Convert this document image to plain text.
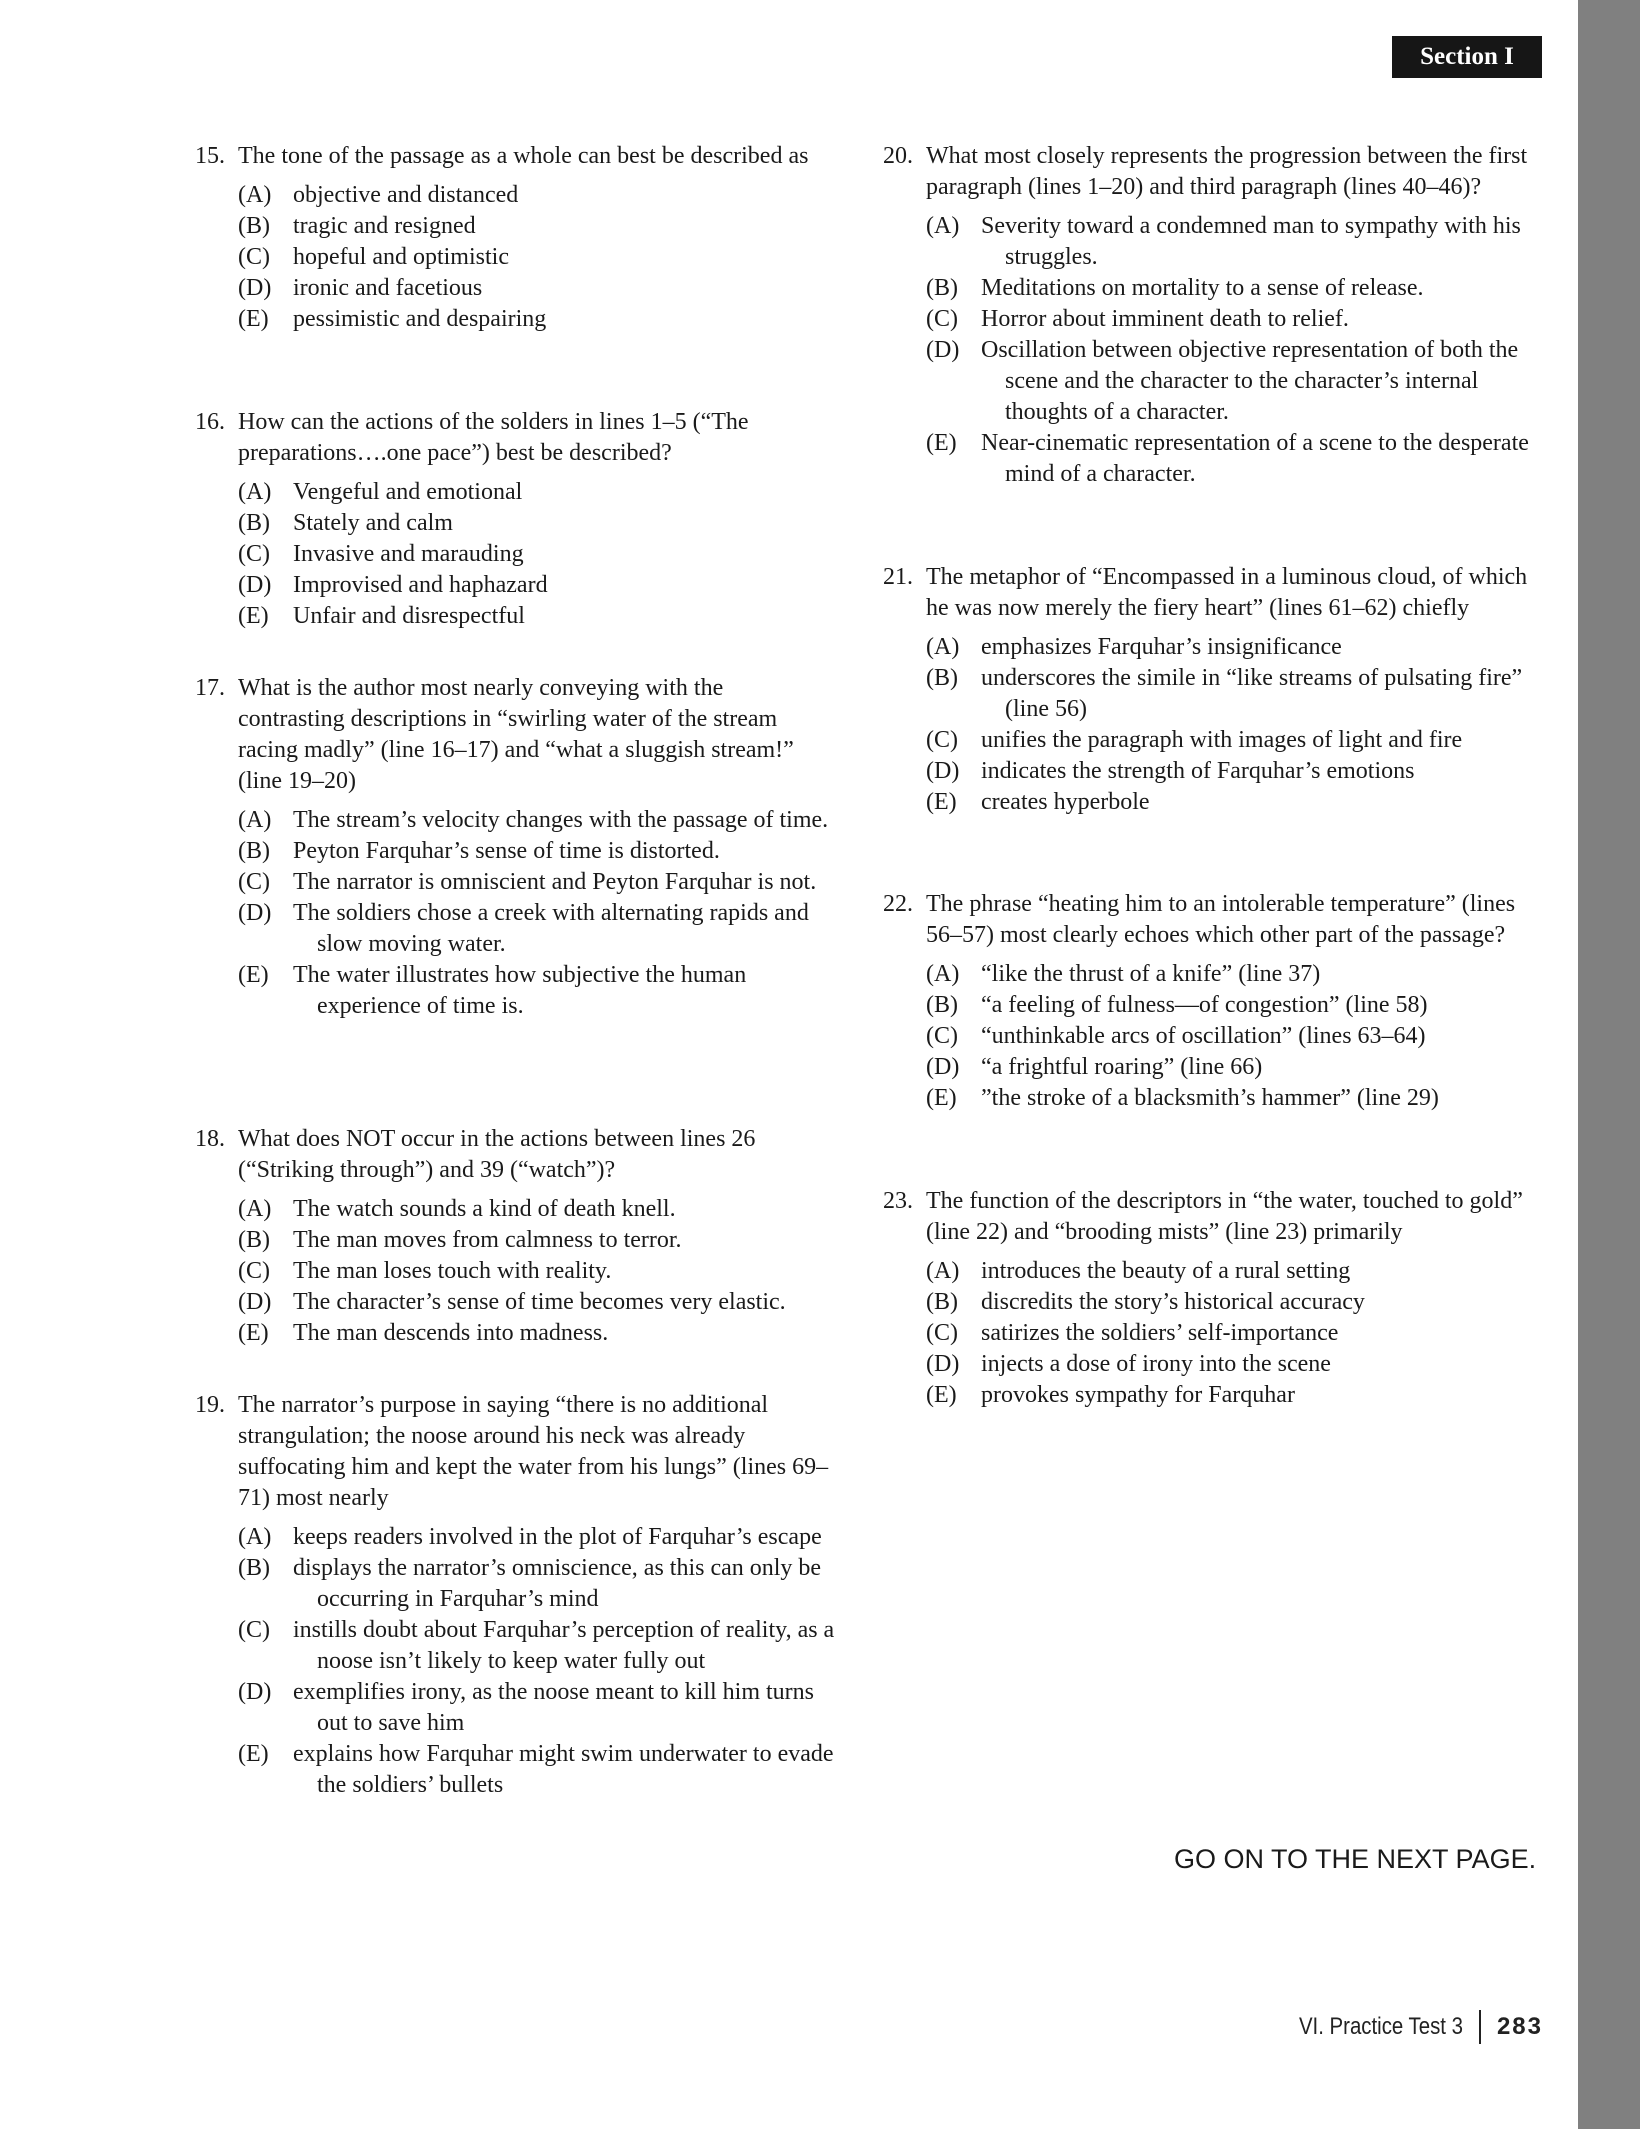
Section I
15. The tone of the passage as a whole can best be described as
(A) objective and distanced
(B) tragic and resigned
(C) hopeful and optimistic
(D) ironic and facetious
(E)	pessimistic and despairing
16. How can the actions of the solders in lines 1–5 (“The preparations….one pace”) best be described?
(A) Vengeful and emotional
(B) Stately and calm
(C) Invasive and marauding
(D) Improvised and haphazard
(E)	Unfair and disrespectful
17. What is the author most nearly conveying with the contrasting descriptions in “swirling water of the stream racing madly” (line 16–17) and “what a sluggish stream!” (line 19–20)
(A) The stream’s velocity changes with the passage of time.
(B) Peyton Farquhar’s sense of time is distorted.
(C) The narrator is omniscient and Peyton Farquhar is not.
(D) The soldiers chose a creek with alternating rapids and slow moving water.
(E)	The water illustrates how subjective the human experience of time is.
18. What does NOT occur in the actions between lines 26 (“Striking through”) and 39 (“watch”)?
(A) The watch sounds a kind of death knell.
(B) The man moves from calmness to terror.
(C) The man loses touch with reality.
(D) The character’s sense of time becomes very elastic.
(E)	The man descends into madness.
19. The narrator’s purpose in saying “there is no additional strangulation; the noose around his neck was already suffocating him and kept the water from his lungs” (lines 69–71) most nearly
(A) keeps readers involved in the plot of Farquhar’s escape
(B) displays the narrator’s omniscience, as this can only be occurring in Farquhar’s mind
(C) instills doubt about Farquhar’s perception of reality, as a noose isn’t likely to keep water fully out
(D) exemplifies irony, as the noose meant to kill him turns out to save him
(E)	explains how Farquhar might swim underwater to evade the soldiers’ bullets
20. What most closely represents the progression between the first paragraph (lines 1–20) and third paragraph (lines 40–46)?
(A) Severity toward a condemned man to sympathy with his struggles.
(B) Meditations on mortality to a sense of release.
(C) Horror about imminent death to relief.
(D) Oscillation between objective representation of both the scene and the character to the character’s internal thoughts of a character.
(E)	Near-cinematic representation of a scene to the desperate mind of a character.
21. The metaphor of “Encompassed in a luminous cloud, of which he was now merely the fiery heart” (lines 61–62) chiefly
(A) emphasizes Farquhar’s insignificance
(B) underscores the simile in “like streams of pulsating fire” (line 56)
(C) unifies the paragraph with images of light and fire
(D) indicates the strength of Farquhar’s emotions
(E)	creates hyperbole
22. The phrase “heating him to an intolerable temperature” (lines 56–57) most clearly echoes which other part of the passage?
(A) “like the thrust of a knife” (line 37)
(B) “a feeling of fulness—of congestion” (line 58)
(C) “unthinkable arcs of oscillation” (lines 63–64)
(D) “a frightful roaring” (line 66)
(E)	”the stroke of a blacksmith’s hammer” (line 29)
23. The function of the descriptors in “the water, touched to gold” (line 22) and “brooding mists” (line 23) primarily
(A) introduces the beauty of a rural setting
(B) discredits the story’s historical accuracy
(C) satirizes the soldiers’ self-importance
(D) injects a dose of irony into the scene
(E)	provokes sympathy for Farquhar
GO ON TO THE NEXT PAGE.
VI. Practice Test 3 283
